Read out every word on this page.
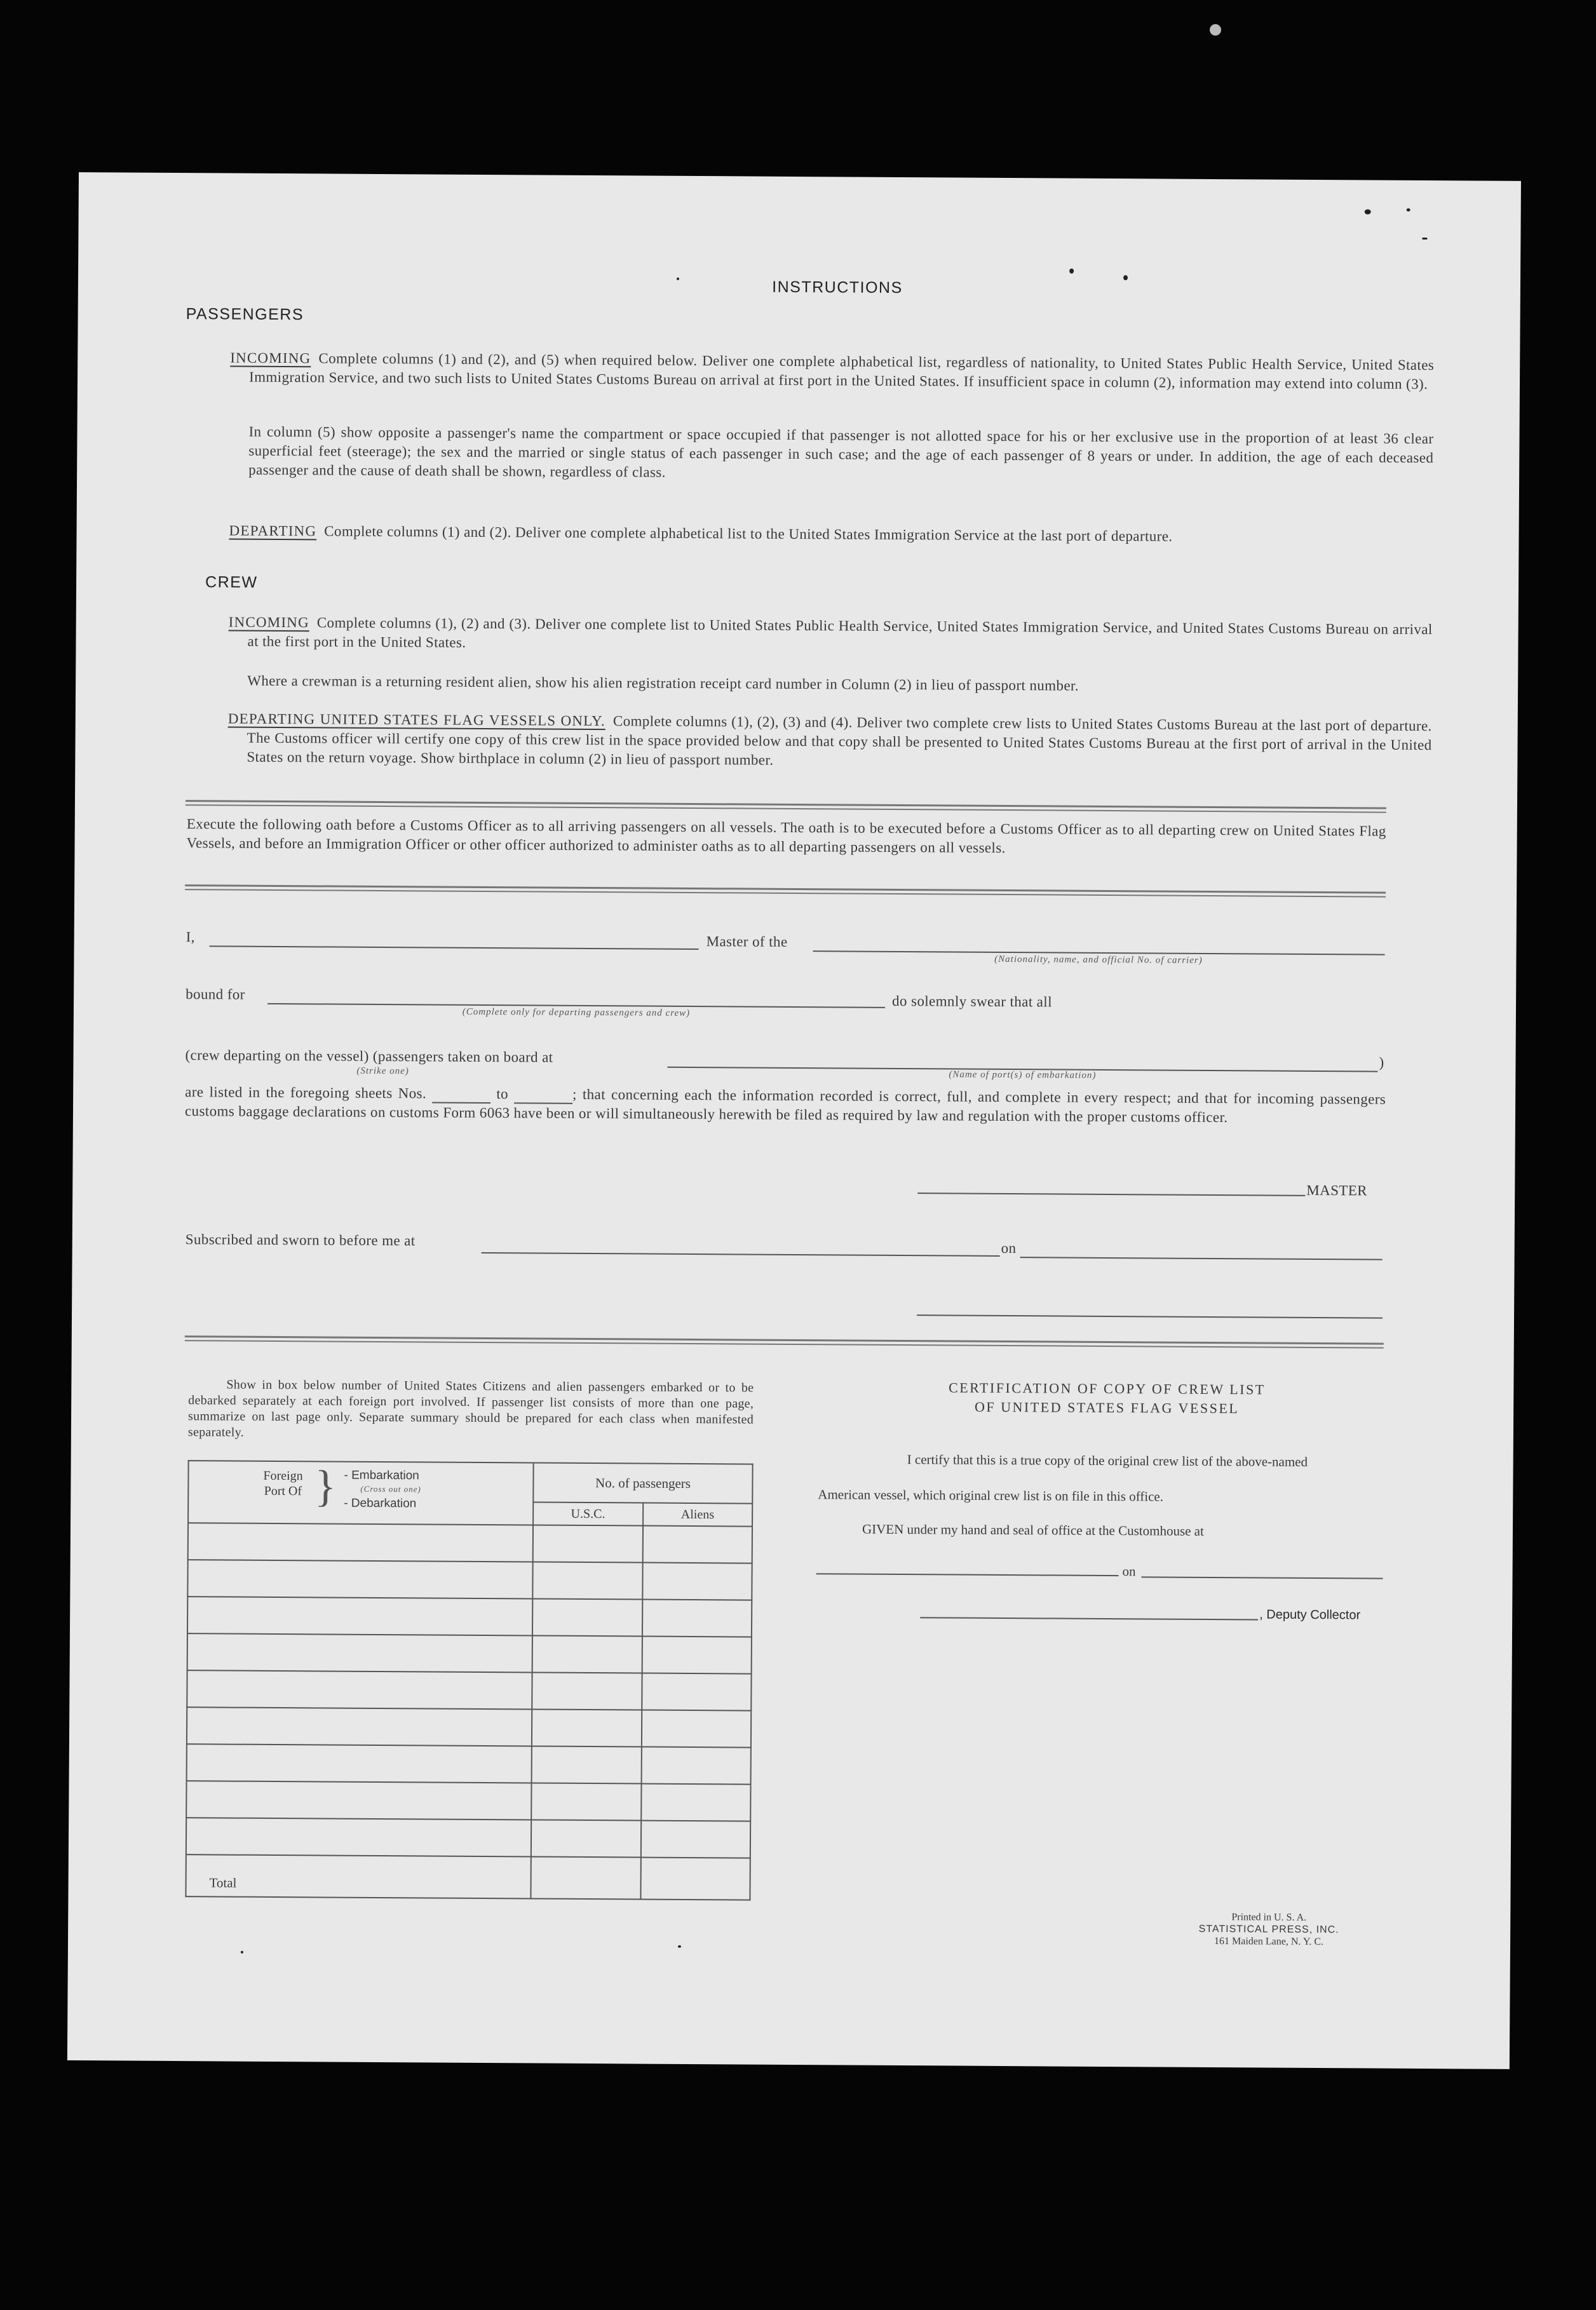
INSTRUCTIONS
PASSENGERS
INCOMING Complete columns (1) and (2), and (5) when required below. Deliver one complete alphabetical list, regardless of nationality, to United States Public Health Service, United States Immigration Service, and two such lists to United States Customs Bureau on arrival at first port in the United States. If insufficient space in column (2), information may extend into column (3).
In column (5) show opposite a passenger's name the compartment or space occupied if that passenger is not allotted space for his or her exclusive use in the proportion of at least 36 clear superficial feet (steerage); the sex and the married or single status of each passenger in such case; and the age of each passenger of 8 years or under. In addition, the age of each deceased passenger and the cause of death shall be shown, regardless of class.
DEPARTING Complete columns (1) and (2). Deliver one complete alphabetical list to the United States Immigration Service at the last port of departure.
CREW
INCOMING Complete columns (1), (2) and (3). Deliver one complete list to United States Public Health Service, United States Immigration Service, and United States Customs Bureau on arrival at the first port in the United States.
Where a crewman is a returning resident alien, show his alien registration receipt card number in Column (2) in lieu of passport number.
DEPARTING UNITED STATES FLAG VESSELS ONLY. Complete columns (1), (2), (3) and (4). Deliver two complete crew lists to United States Customs Bureau at the last port of departure. The Customs officer will certify one copy of this crew list in the space provided below and that copy shall be presented to United States Customs Bureau at the first port of arrival in the United States on the return voyage. Show birthplace in column (2) in lieu of passport number.
Execute the following oath before a Customs Officer as to all arriving passengers on all vessels. The oath is to be executed before a Customs Officer as to all departing crew on United States Flag Vessels, and before an Immigration Officer or other officer authorized to administer oaths as to all departing passengers on all vessels.
I,	Master of the
(Nationality, name, and official No. of carrier)
bound for
(Complete only for departing passengers and crew)
do solemnly swear that all
(crew departing on the vessel) (passengers taken on board at
(Strike one)
)
(Name of port(s) of embarkation)
are listed in the foregoing sheets Nos.	to	; that concerning each the information recorded is correct, full, and complete in every respect; and that for incoming passengers customs baggage declarations on customs Form 6063 have been or will simultaneously herewith be filed as required by law and regulation with the proper customs officer.
MASTER
Subscribed and sworn to before me at	on
Show in box below number of United States Citizens and alien passengers embarked or to be debarked separately at each foreign port involved. If passenger list consists of more than one page, summarize on last page only. Separate summary should be prepared for each class when manifested separately.
Foreign Port Of } - Embarkation
(Cross out one)
- Debarkation	No. of passengers	
	U.S.C.	Aliens

Total		
CERTIFICATION OF COPY OF CREW LIST
OF UNITED STATES FLAG VESSEL
I certify that this is a true copy of the original crew list of the above-named
American vessel, which original crew list is on file in this office.
GIVEN under my hand and seal of office at the Customhouse at
on
, Deputy Collector
Printed in U. S. A.
STATISTICAL PRESS, INC.
161 Maiden Lane, N. Y. C.
